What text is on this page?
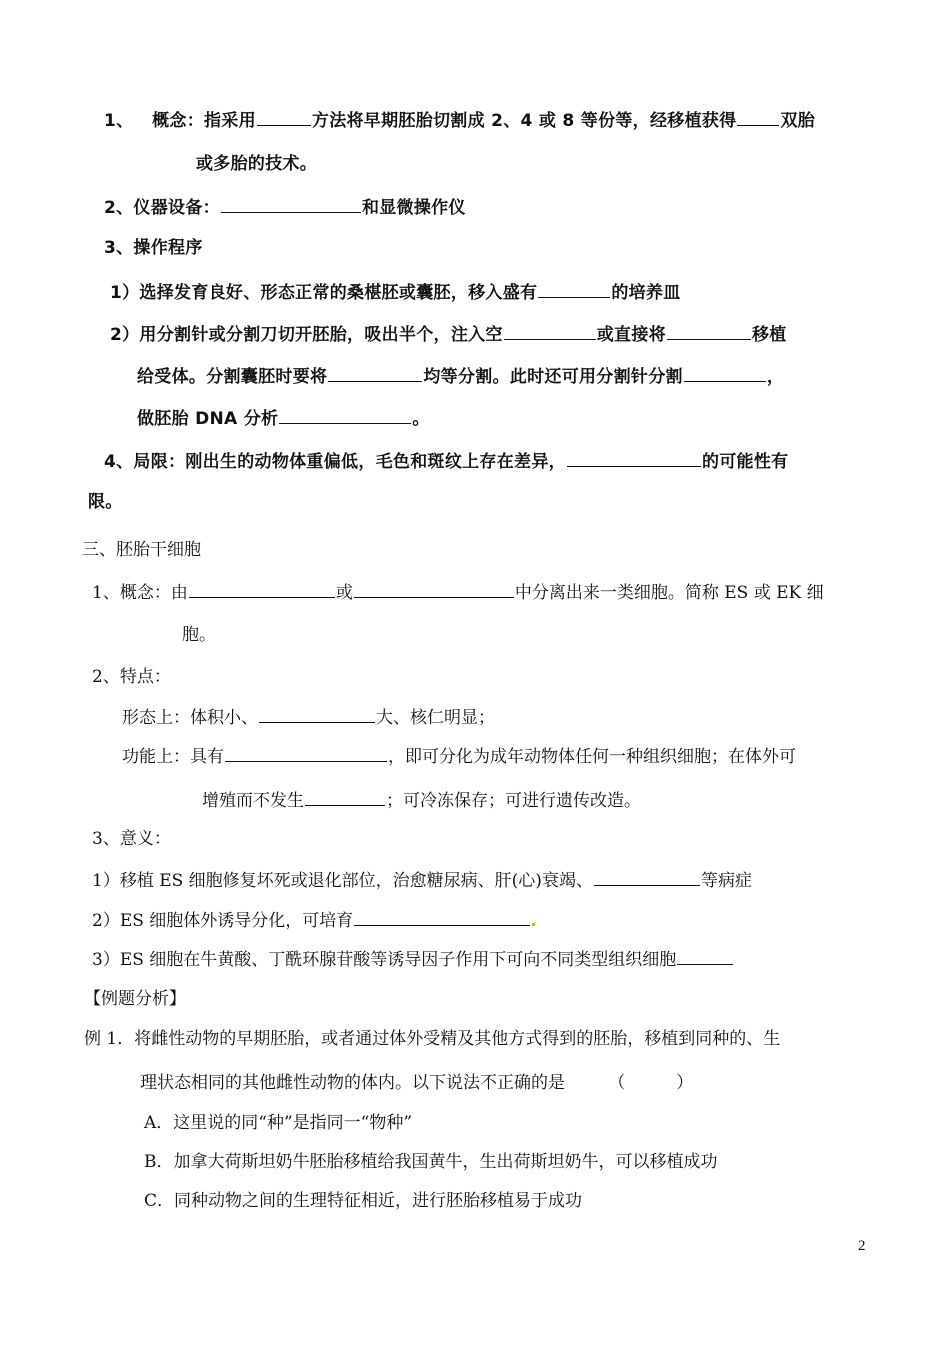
1、 概念：指采用	方法将早期胚胎切割成 2、4 或 8 等份等，经移植获得	双胎
或多胎的技术。
2、仪器设备：	和显微操作仪
3、操作程序
1）选择发育良好、形态正常的桑椹胚或囊胚，移入盛有	的培养皿
2）用分割针或分割刀切开胚胎，吸出半个，注入空	或直接将	移植
给受体。分割囊胚时要将	均等分割。此时还可用分割针分割	，
做胚胎 DNA 分析	。
4、局限：刚出生的动物体重偏低，毛色和斑纹上存在差异，	的可能性有
限。
三、胚胎干细胞
1、概念：由	或	中分离出来一类细胞。简称 ES 或 EK 细
胞。
2、特点：
形态上：体积小、	大、核仁明显；
功能上：具有	，即可分化为成年动物体任何一种组织细胞；在体外可
增殖而不发生	；可冷冻保存；可进行遗传改造。
3、意义：
1）移植 ES 细胞修复坏死或退化部位，治愈糖尿病、肝(心)衰竭、	等病症
2）ES 细胞体外诱导分化，可培育
3）ES 细胞在牛黄酸、丁酰环腺苷酸等诱导因子作用下可向不同类型组织细胞
【例题分析】
例 1．将雌性动物的早期胚胎，或者通过体外受精及其他方式得到的胚胎，移植到同种的、生
理状态相同的其他雌性动物的体内。以下说法不正确的是	（　　　）
A．这里说的同“种”是指同一“物种”
B．加拿大荷斯坦奶牛胚胎移植给我国黄牛，生出荷斯坦奶牛，可以移植成功
C．同种动物之间的生理特征相近，进行胚胎移植易于成功
2
